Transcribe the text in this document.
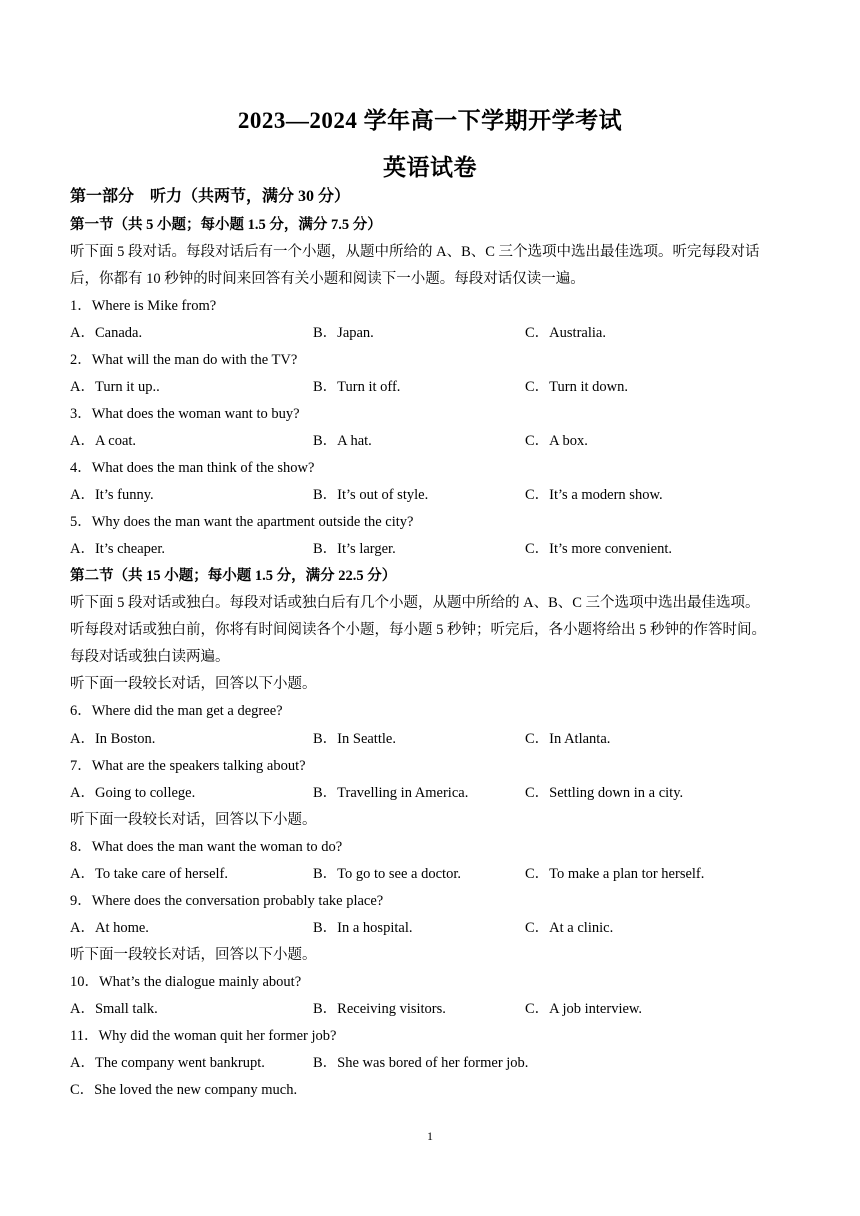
2023—2024 学年高一下学期开学考试
英语试卷
第一部分　听力（共两节，满分 30 分）
第一节（共 5 小题；每小题 1.5 分，满分 7.5 分）
听下面 5 段对话。每段对话后有一个小题，从题中所给的 A、B、C 三个选项中选出最佳选项。听完每段对话
后，你都有 10 秒钟的时间来回答有关小题和阅读下一小题。每段对话仅读一遍。
1．Where is Mike from?
A．Canada.	B．Japan.	C．Australia.
2．What will the man do with the TV?
A．Turn it up..	B．Turn it off.	C．Turn it down.
3．What does the woman want to buy?
A．A coat.	B．A hat.	C．A box.
4．What does the man think of the show?
A．It’s funny.	B．It’s out of style.	C．It’s a modern show.
5．Why does the man want the apartment outside the city?
A．It’s cheaper.	B．It’s larger.	C．It’s more convenient.
第二节（共 15 小题；每小题 1.5 分，满分 22.5 分）
听下面 5 段对话或独白。每段对话或独白后有几个小题，从题中所给的 A、B、C 三个选项中选出最佳选项。
听每段对话或独白前，你将有时间阅读各个小题，每小题 5 秒钟；听完后，各小题将给出 5 秒钟的作答时间。
每段对话或独白读两遍。
听下面一段较长对话，回答以下小题。
6．Where did the man get a degree?
A．In Boston.	B．In Seattle.	C．In Atlanta.
7．What are the speakers talking about?
A．Going to college.	B．Travelling in America.	C．Settling down in a city.
听下面一段较长对话，回答以下小题。
8．What does the man want the woman to do?
A．To take care of herself.	B．To go to see a doctor.	C．To make a plan tor herself.
9．Where does the conversation probably take place?
A．At home.	B．In a hospital.	C．At a clinic.
听下面一段较长对话，回答以下小题。
10．What’s the dialogue mainly about?
A．Small talk.	B．Receiving visitors.	C．A job interview.
11．Why did the woman quit her former job?
A．The company went bankrupt.	B．She was bored of her former job.
C．She loved the new company much.
1
